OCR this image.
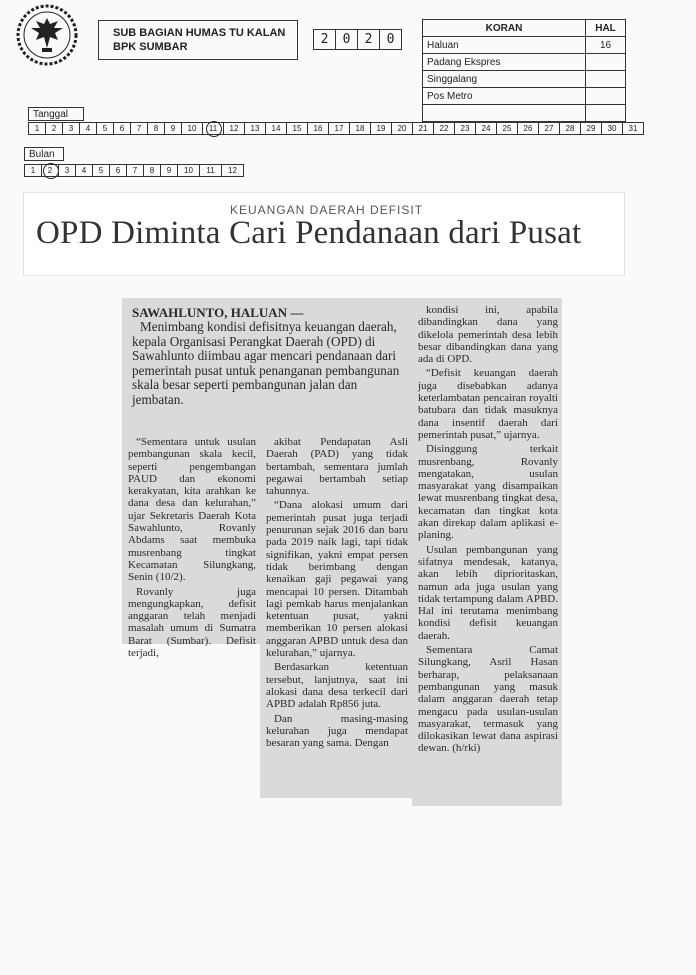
SUB BAGIAN HUMAS TU KALAN
BPK SUMBAR	2	0	2	0
KORAN	HAL
Haluan	16
Padang Ekspres	
Singgalang	
Pos Metro	

Tanggal
1	2	3	4	5	6	7	8	9	10	11	12	13	14	15	16	17	18	19	20	21	22	23	24	25	26	27	28	29	30	31
Bulan
1	2	3	4	5	6	7	8	9	10	11	12
KEUANGAN DAERAH DEFISIT
OPD Diminta Cari Pendanaan dari Pusat
SAWAHLUNTO, HALUAN —
Menimbang kondisi defisitnya keuangan daerah, kepala Organisasi Perangkat Daerah (OPD) di Sawahlunto diimbau agar mencari pendanaan dari pemerintah pusat untuk penanganan pembangunan skala besar seperti pembangunan jalan dan jembatan.

“Sementara untuk usulan pembangunan skala kecil, seperti pengembangan PAUD dan ekonomi kerakyatan, kita arahkan ke dana desa dan kelurahan,” ujar Sekretaris Daerah Kota Sawahlunto, Rovanly Abdams saat membuka musrenbang tingkat Kecamatan Silungkang, Senin (10/2).

Rovanly juga mengungkapkan, defisit anggaran telah menjadi masalah umum di Sumatra Barat (Sumbar). Defisit terjadi,

akibat Pendapatan Asli Daerah (PAD) yang tidak bertambah, sementara jumlah pegawai bertambah setiap tahunnya.

“Dana alokasi umum dari pemerintah pusat juga terjadi penurunan sejak 2016 dan baru pada 2019 naik lagi, tapi tidak signifikan, yakni empat persen tidak berimbang dengan kenaikan gaji pegawai yang mencapai 10 persen. Ditambah lagi pemkab harus menjalankan ketentuan pusat, yakni memberikan 10 persen alokasi anggaran APBD untuk desa dan kelurahan,” ujarnya.

Berdasarkan ketentuan tersebut, lanjutnya, saat ini alokasi dana desa terkecil dari APBD adalah Rp856 juta.

Dan masing-masing kelurahan juga mendapat besaran yang sama. Dengan

kondisi ini, apabila dibandingkan dana yang dikelola pemerintah desa lebih besar dibandingkan dana yang ada di OPD.

“Defisit keuangan daerah juga disebabkan adanya keterlambatan pencairan royalti batubara dan tidak masuknya dana insentif daerah dari pemerintah pusat,” ujarnya.

Disinggung terkait musrenbang, Rovanly mengatakan, usulan masyarakat yang disampaikan lewat musrenbang tingkat desa, kecamatan dan tingkat kota akan direkap dalam aplikasi e-planing.

Usulan pembangunan yang sifatnya mendesak, katanya, akan lebih diprioritaskan, namun ada juga usulan yang tidak tertampung dalam APBD. Hal ini terutama menimbang kondisi defisit keuangan daerah.

Sementara Camat Silungkang, Asril Hasan berharap, pelaksanaan pembangunan yang masuk dalam anggaran daerah tetap mengacu pada usulan-usulan masyarakat, termasuk yang dilokasikan lewat dana aspirasi dewan. (h/rki)
